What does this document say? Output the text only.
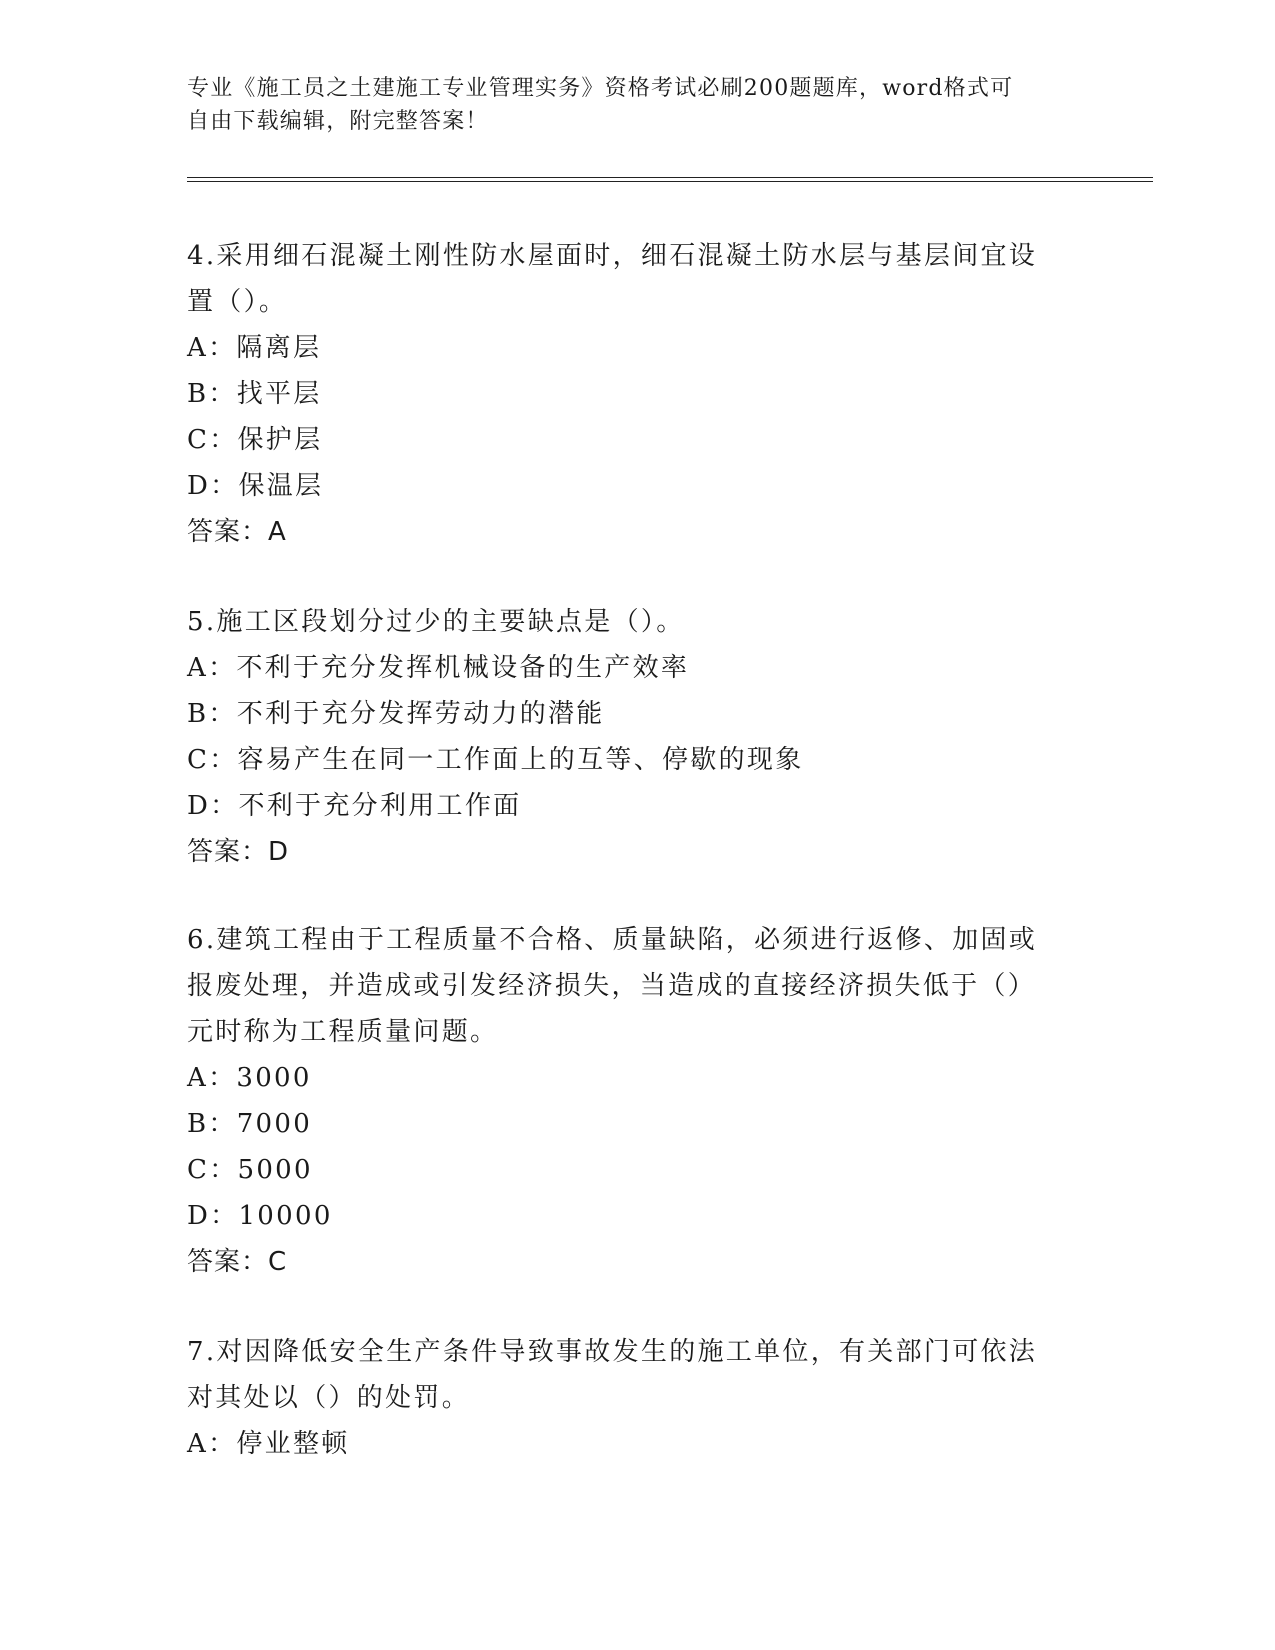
专业《施工员之土建施工专业管理实务》资格考试必刷200题题库，word格式可
自由下载编辑，附完整答案！
4.采用细石混凝土刚性防水屋面时，细石混凝土防水层与基层间宜设
置（）。
A：隔离层
B：找平层
C：保护层
D：保温层
答案：A
5.施工区段划分过少的主要缺点是（）。
A：不利于充分发挥机械设备的生产效率
B：不利于充分发挥劳动力的潜能
C：容易产生在同一工作面上的互等、停歇的现象
D：不利于充分利用工作面
答案：D
6.建筑工程由于工程质量不合格、质量缺陷，必须进行返修、加固或
报废处理，并造成或引发经济损失，当造成的直接经济损失低于（）
元时称为工程质量问题。
A：3000
B：7000
C：5000
D：10000
答案：C
7.对因降低安全生产条件导致事故发生的施工单位，有关部门可依法
对其处以（）的处罚。
A：停业整顿
